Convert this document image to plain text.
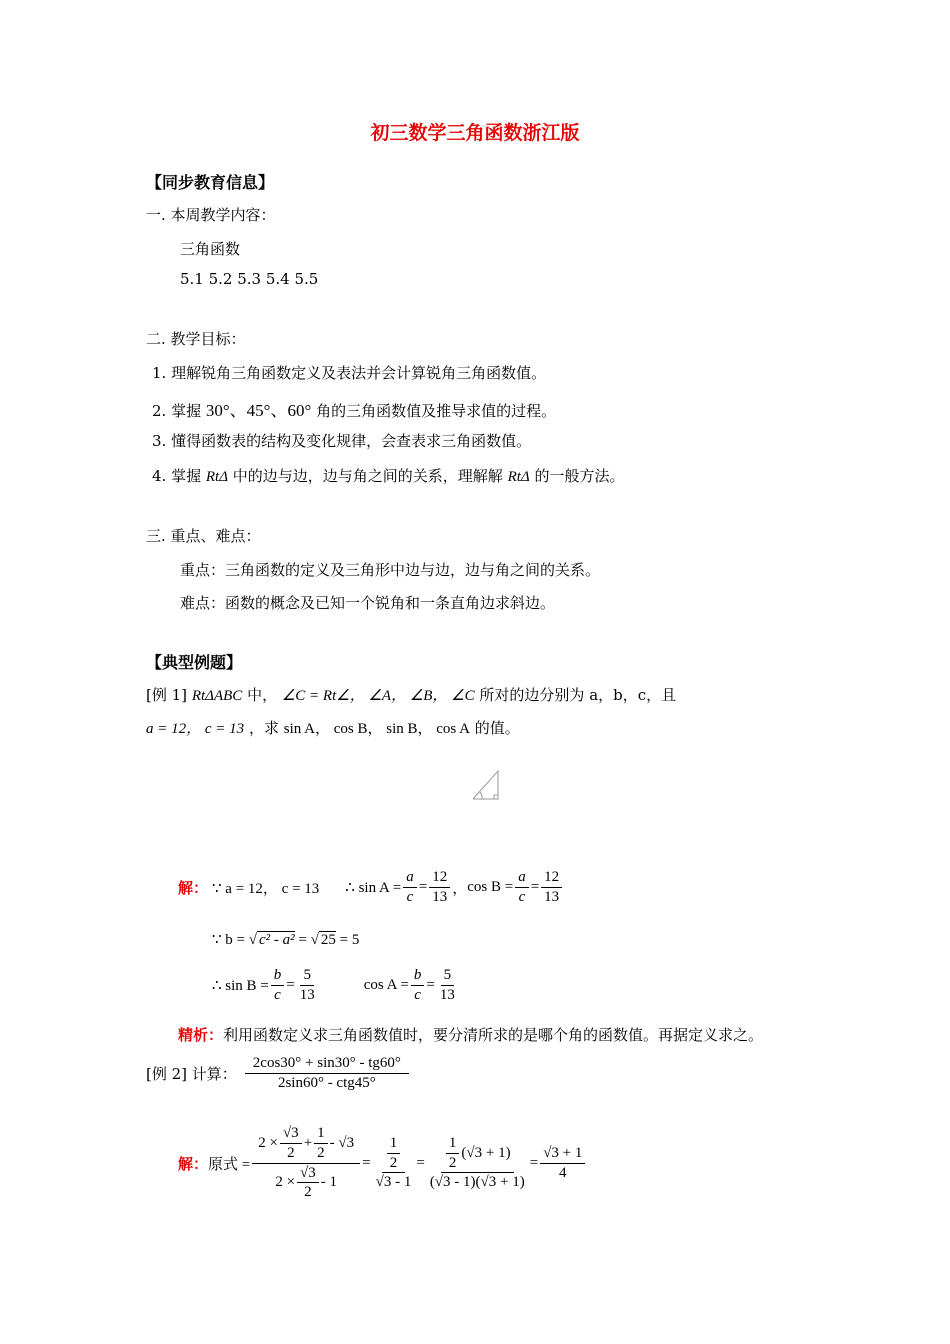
初三数学三角函数浙江版
【同步教育信息】
一. 本周教学内容：
三角函数
5.1 5.2 5.3 5.4 5.5
二. 教学目标：
1. 理解锐角三角函数定义及表法并会计算锐角三角函数值。
2. 掌握 30°、45°、60° 角的三角函数值及推导求值的过程。
3. 懂得函数表的结构及变化规律，会查表求三角函数值。
4. 掌握 RtΔ 中的边与边，边与角之间的关系，理解解 RtΔ 的一般方法。
三. 重点、难点：
重点：三角函数的定义及三角形中边与边，边与角之间的关系。
难点：函数的概念及已知一个锐角和一条直角边求斜边。
【典型例题】
[例 1] RtΔABC 中， ∠C = Rt∠， ∠A， ∠B， ∠C 所对的边分别为 a，b，c，且
a = 12， c = 13 ，求 sin A， cos B， sin B， cos A 的值。
解： ∵ a = 12， c = 13 ∴ $\sin A = \frac{a}{c} = \frac{12}{13}$ ， $\cos B = \frac{a}{c} = \frac{12}{13}$
∵ b = √ c² - a² = √ 25 = 5
∴ $\sin B = \frac{b}{c} = \frac{5}{13}$	$\cos A = \frac{b}{c} = \frac{5}{13}$
精析：利用函数定义求三角函数值时，要分清所求的是哪个角的函数值。再据定义求之。
[例 2] 计算： $\frac{2\cos 30^\circ + \sin 30^\circ - tg60^\circ}{\text{2sin60° - ctg45°}}$
解： 原式 = $\frac{2 \times \frac{√3}{2} + \frac{1}{2} - √3}{2 \times \frac{√3}{2} - 1} = \frac{\frac{1}{2}}{√3 - 1} = \frac{\frac{1}{2} (√3 + 1)}{(√3 - 1)(√3 + 1)} = \frac{√3 + 1}{4}$
